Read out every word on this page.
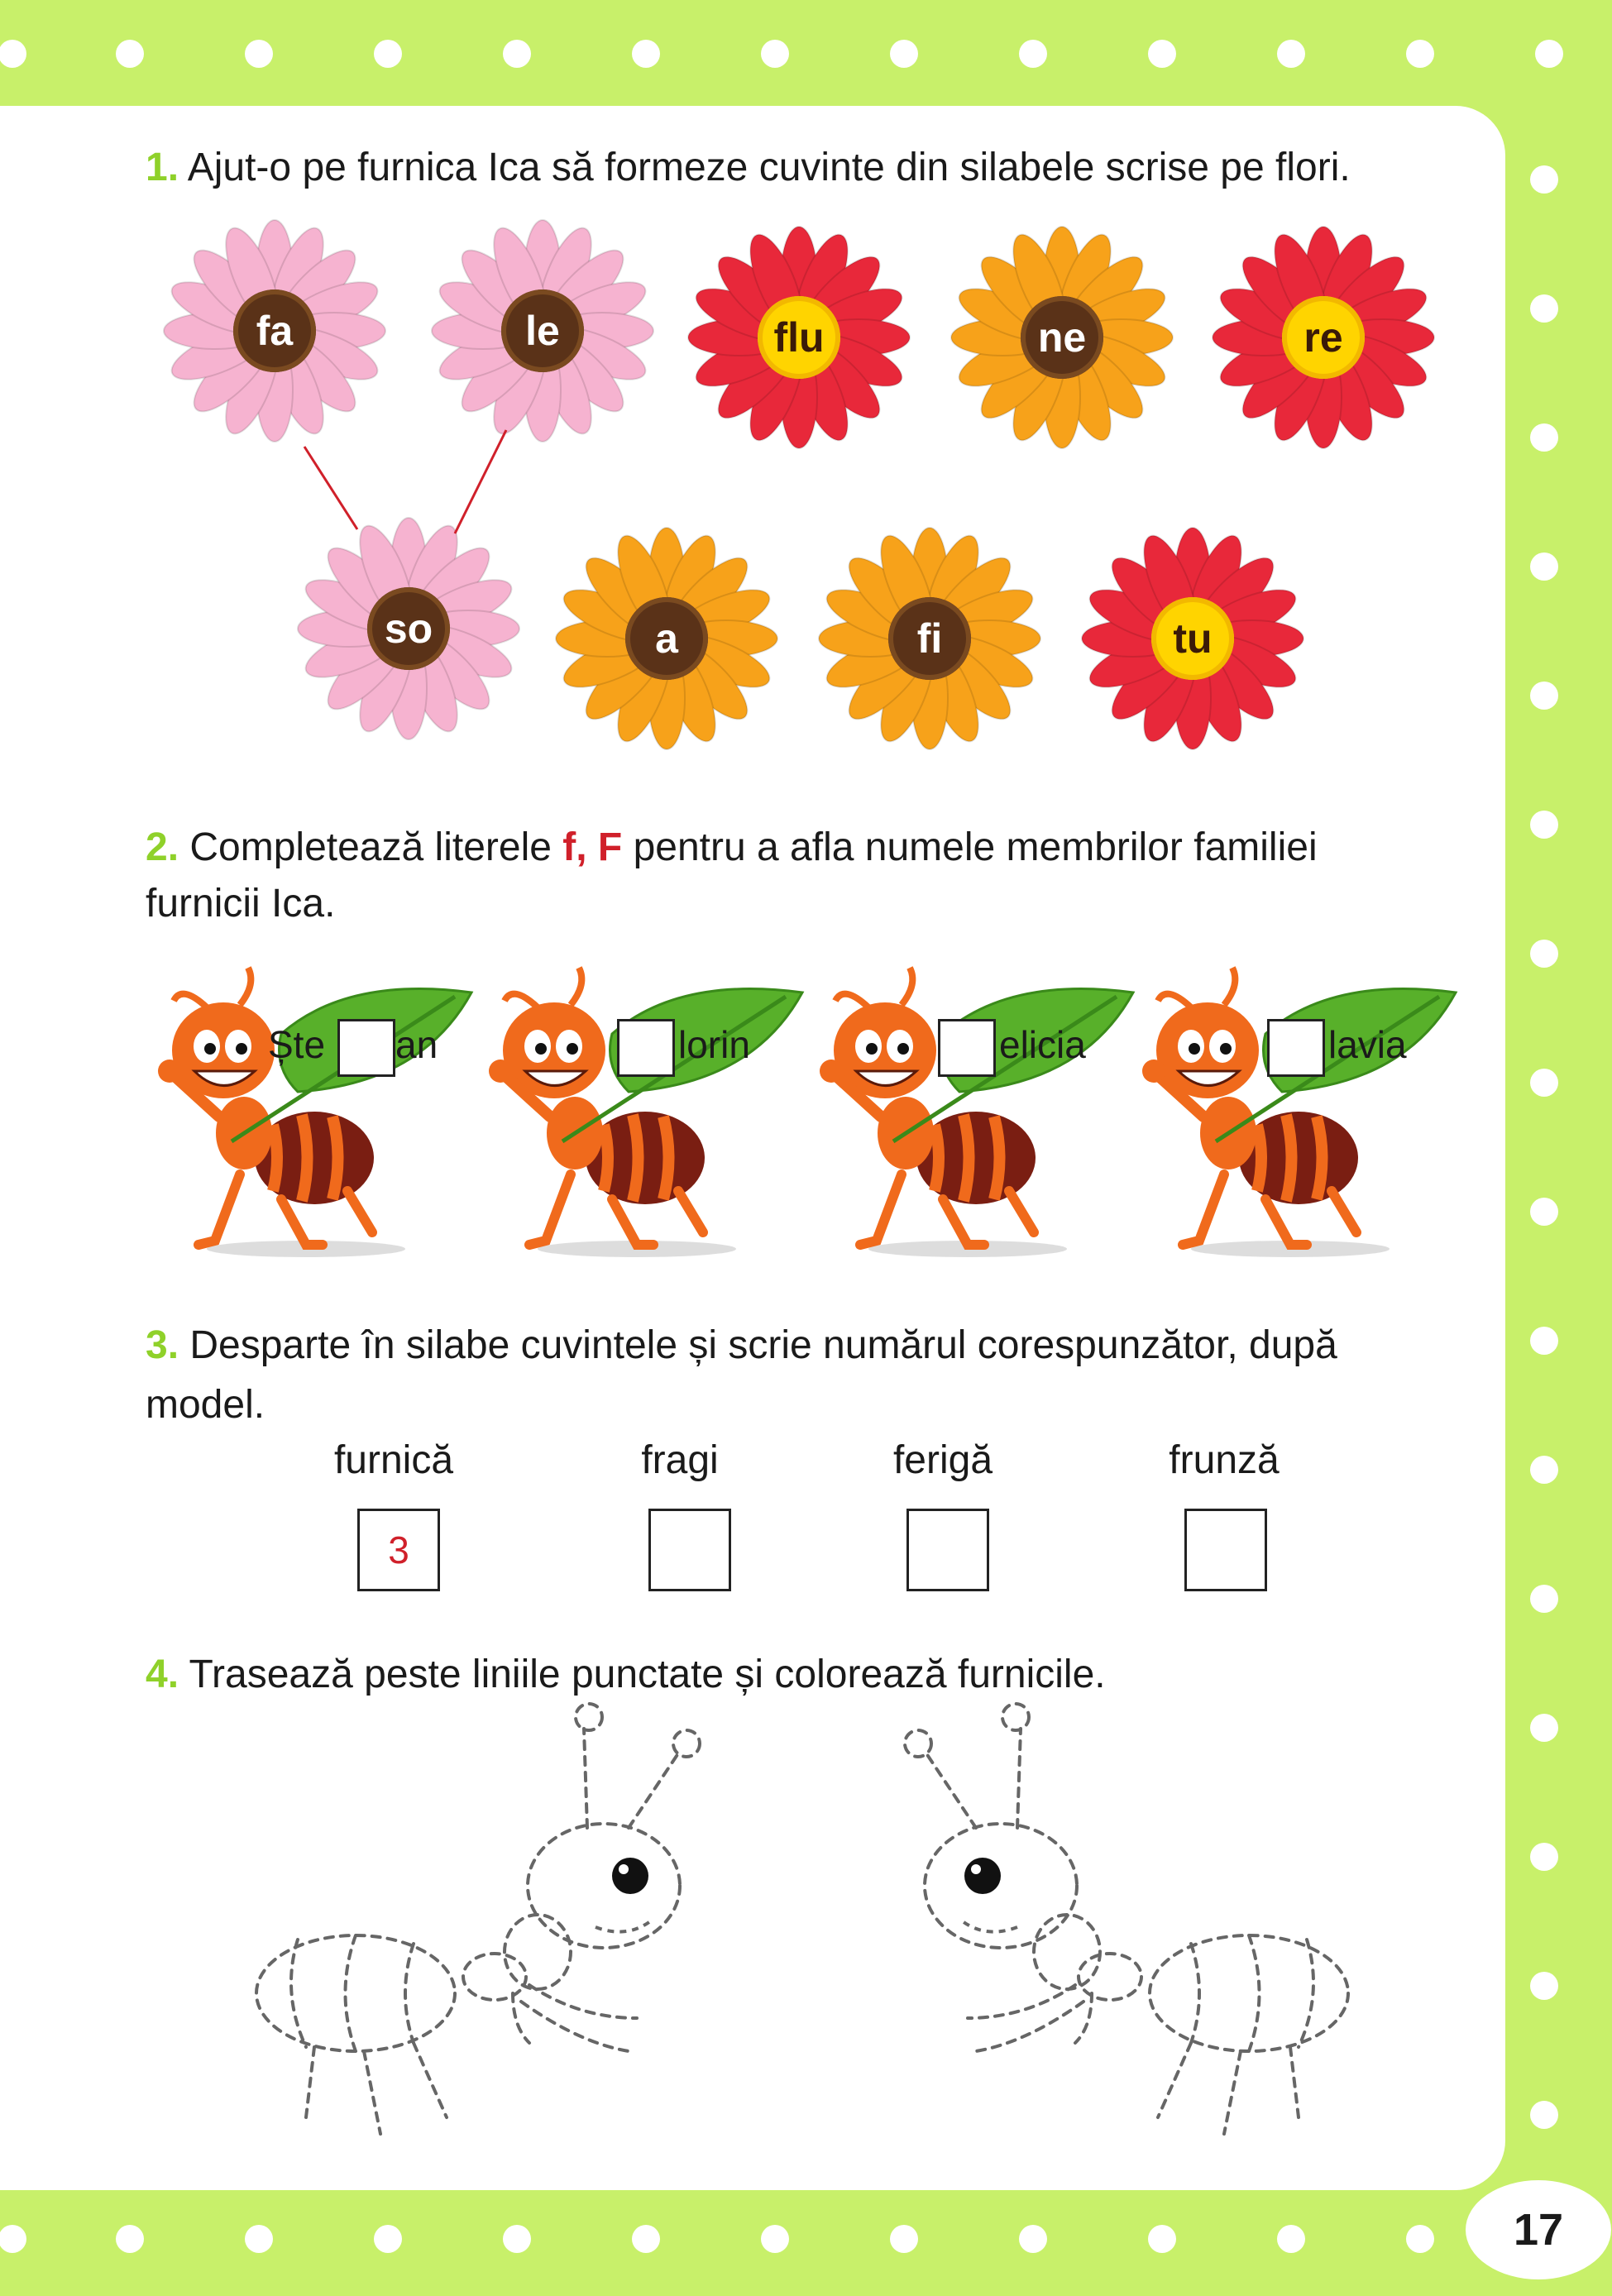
1. Ajut-o pe furnica Ica să formeze cuvinte din silabele scrise pe flori.
fa	le	flu	ne	re
so	a	fi	tu
2. Completează literele f, F pentru a afla numele membrilor familiei
furnicii Ica.
Ște an	lorin	elicia	lavia
3. Desparte în silabe cuvintele și scrie numărul corespunzător, după
model.
furnică	fragi	ferigă	frunză
3
4. Trasează peste liniile punctate și colorează furnicile.
17
